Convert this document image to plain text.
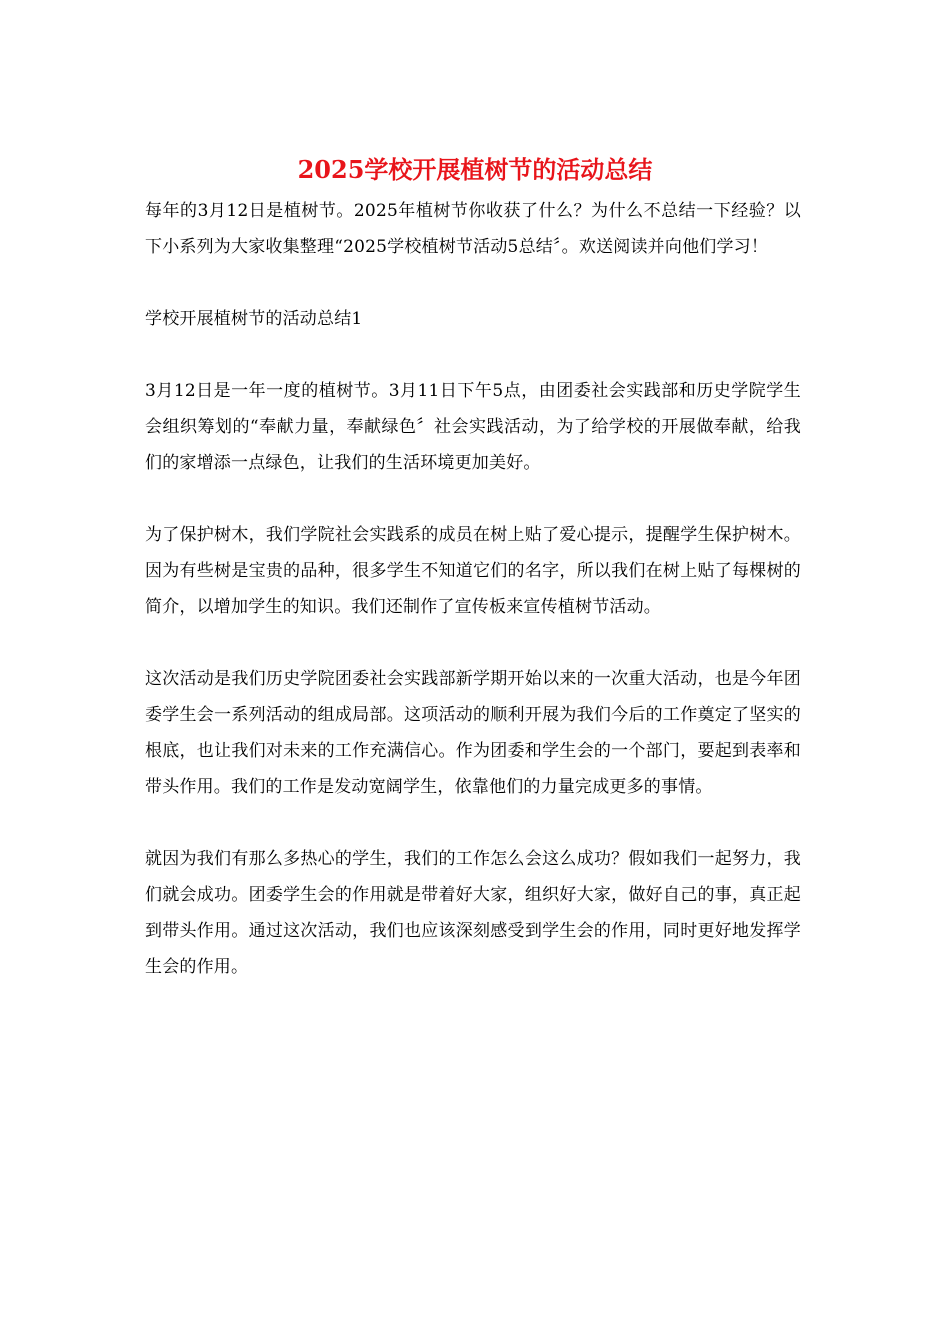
2025学校开展植树节的活动总结

每年的3月12日是植树节。2025年植树节你收获了什么？为什么不总结一下经验？以下小系列为大家收集整理“2025学校植树节活动5总结〞。欢送阅读并向他们学习！

学校开展植树节的活动总结1

3月12日是一年一度的植树节。3月11日下午5点，由团委社会实践部和历史学院学生会组织筹划的“奉献力量，奉献绿色〞社会实践活动，为了给学校的开展做奉献，给我们的家增添一点绿色，让我们的生活环境更加美好。

为了保护树木，我们学院社会实践系的成员在树上贴了爱心提示，提醒学生保护树木。因为有些树是宝贵的品种，很多学生不知道它们的名字，所以我们在树上贴了每棵树的简介，以增加学生的知识。我们还制作了宣传板来宣传植树节活动。

这次活动是我们历史学院团委社会实践部新学期开始以来的一次重大活动，也是今年团委学生会一系列活动的组成局部。这项活动的顺利开展为我们今后的工作奠定了坚实的根底，也让我们对未来的工作充满信心。作为团委和学生会的一个部门，要起到表率和带头作用。我们的工作是发动宽阔学生，依靠他们的力量完成更多的事情。

就因为我们有那么多热心的学生，我们的工作怎么会这么成功？假如我们一起努力，我们就会成功。团委学生会的作用就是带着好大家，组织好大家，做好自己的事，真正起到带头作用。通过这次活动，我们也应该深刻感受到学生会的作用，同时更好地发挥学生会的作用。
